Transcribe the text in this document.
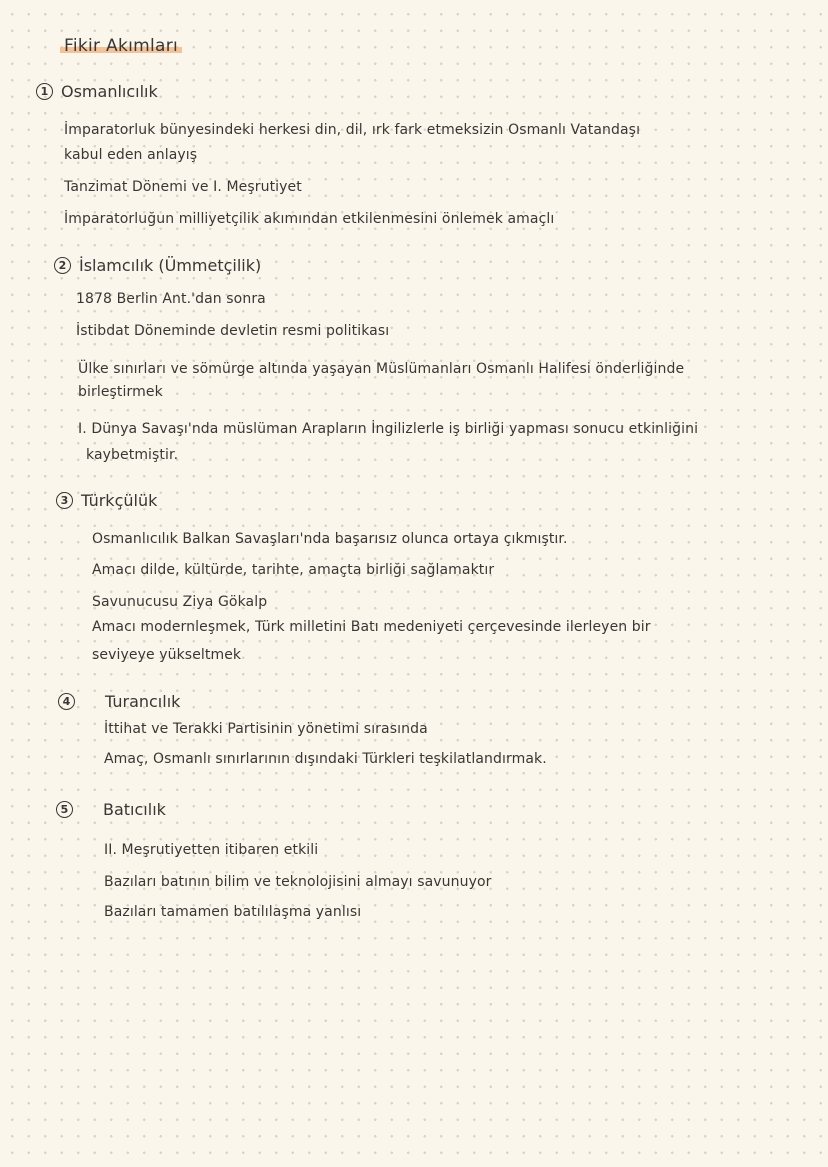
Fikir Akımları
1 Osmanlıcılık
İmparatorluk bünyesindeki herkesi din, dil, ırk fark etmeksizin Osmanlı Vatandaşı
kabul eden anlayış
Tanzimat Dönemi ve I. Meşrutiyet
İmparatorluğun milliyetçilik akımından etkilenmesini önlemek amaçlı
2 İslamcılık (Ümmetçilik)
1878 Berlin Ant.'dan sonra
İstibdat Döneminde devletin resmi politikası
Ülke sınırları ve sömürge altında yaşayan Müslümanları Osmanlı Halifesi önderliğinde
birleştirmek
I. Dünya Savaşı'nda müslüman Arapların İngilizlerle iş birliği yapması sonucu etkinliğini
kaybetmiştir.
3 Türkçülük
Osmanlıcılık Balkan Savaşları'nda başarısız olunca ortaya çıkmıştır.
Amacı dilde, kültürde, tarihte, amaçta birliği sağlamaktır
Savunucusu Ziya Gökalp
Amacı modernleşmek, Türk milletini Batı medeniyeti çerçevesinde ilerleyen bir
seviyeye yükseltmek
4 Turancılık
İttihat ve Terakki Partisinin yönetimi sırasında
Amaç, Osmanlı sınırlarının dışındaki Türkleri teşkilatlandırmak.
5 Batıcılık
II. Meşrutiyetten itibaren etkili
Bazıları batının bilim ve teknolojisini almayı savunuyor
Bazıları tamamen batılılaşma yanlısı
